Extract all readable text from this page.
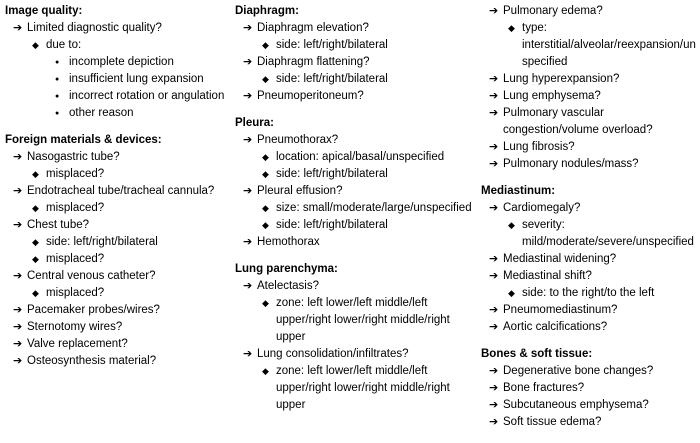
Image quality:
➔ Limited diagnostic quality?
◆ due to:
● incomplete depiction
● insufficient lung expansion
● incorrect rotation or angulation
● other reason
Foreign materials & devices:
➔ Nasogastric tube?
◆ misplaced?
➔ Endotracheal tube/tracheal cannula?
◆ misplaced?
➔ Chest tube?
◆ side: left/right/bilateral
◆ misplaced?
➔ Central venous catheter?
◆ misplaced?
➔ Pacemaker probes/wires?
➔ Sternotomy wires?
➔ Valve replacement?
➔ Osteosynthesis material?
Diaphragm:
➔ Diaphragm elevation?
◆ side: left/right/bilateral
➔ Diaphragm flattening?
◆ side: left/right/bilateral
➔ Pneumoperitoneum?
Pleura:
➔ Pneumothorax?
◆ location: apical/basal/unspecified
◆ side: left/right/bilateral
➔ Pleural effusion?
◆ size: small/moderate/large/unspecified
◆ side: left/right/bilateral
➔ Hemothorax
Lung parenchyma:
➔ Atelectasis?
◆ zone: left lower/left middle/left upper/right lower/right middle/right upper
➔ Lung consolidation/infiltrates?
◆ zone: left lower/left middle/left upper/right lower/right middle/right upper
➔ Pulmonary edema?
◆ type: interstitial/alveolar/reexpansion/unspecified
➔ Lung hyperexpansion?
➔ Lung emphysema?
➔ Pulmonary vascular congestion/volume overload?
➔ Lung fibrosis?
➔ Pulmonary nodules/mass?
Mediastinum:
➔ Cardiomegaly?
◆ severity: mild/moderate/severe/unspecified
➔ Mediastinal widening?
➔ Mediastinal shift?
◆ side: to the right/to the left
➔ Pneumomediastinum?
➔ Aortic calcifications?
Bones & soft tissue:
➔ Degenerative bone changes?
➔ Bone fractures?
➔ Subcutaneous emphysema?
➔ Soft tissue edema?
